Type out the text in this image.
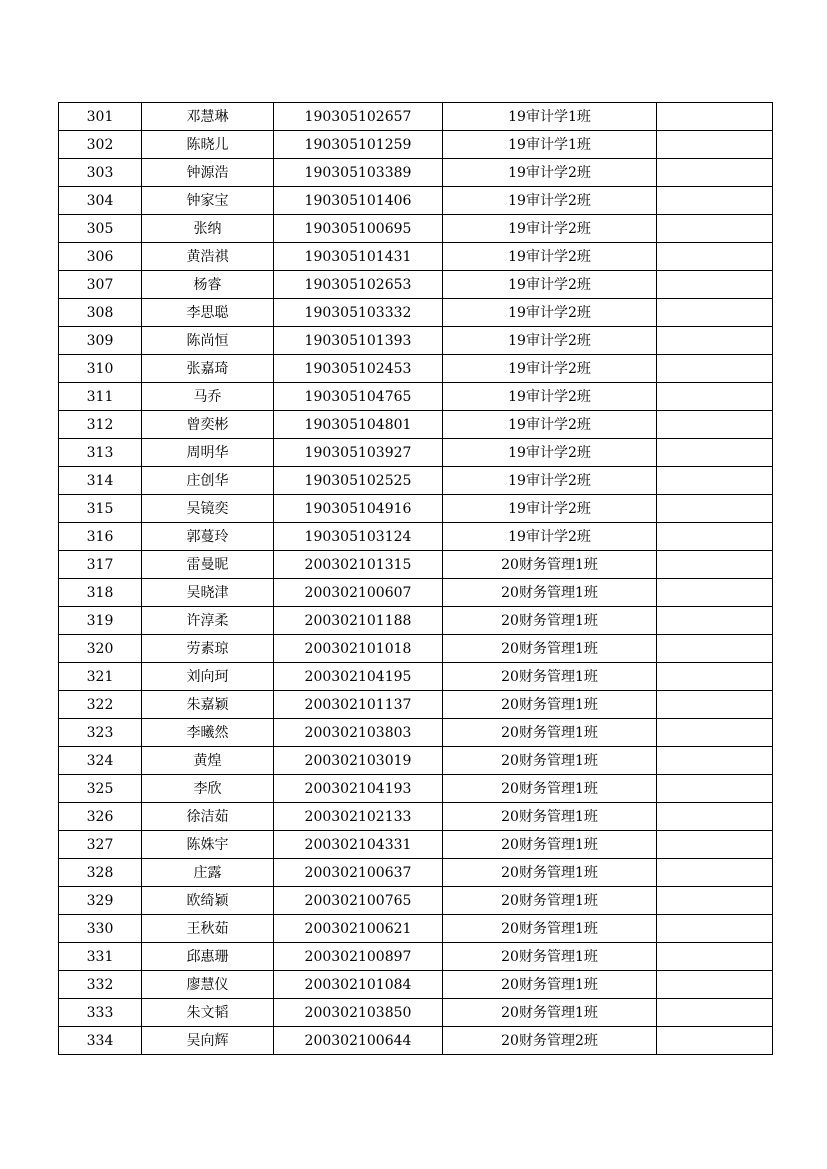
301	邓慧琳	190305102657	19审计学1班	
302	陈晓儿	190305101259	19审计学1班	
303	钟源浩	190305103389	19审计学2班	
304	钟家宝	190305101406	19审计学2班	
305	张纳	190305100695	19审计学2班	
306	黄浩祺	190305101431	19审计学2班	
307	杨睿	190305102653	19审计学2班	
308	李思聪	190305103332	19审计学2班	
309	陈尚恒	190305101393	19审计学2班	
310	张嘉琦	190305102453	19审计学2班	
311	马乔	190305104765	19审计学2班	
312	曾奕彬	190305104801	19审计学2班	
313	周明华	190305103927	19审计学2班	
314	庄创华	190305102525	19审计学2班	
315	吴镜奕	190305104916	19审计学2班	
316	郭蔓玲	190305103124	19审计学2班	
317	雷曼昵	200302101315	20财务管理1班	
318	吴晓津	200302100607	20财务管理1班	
319	许淳柔	200302101188	20财务管理1班	
320	劳素琼	200302101018	20财务管理1班	
321	刘向珂	200302104195	20财务管理1班	
322	朱嘉颖	200302101137	20财务管理1班	
323	李曦然	200302103803	20财务管理1班	
324	黄煌	200302103019	20财务管理1班	
325	李欣	200302104193	20财务管理1班	
326	徐洁茹	200302102133	20财务管理1班	
327	陈姝宇	200302104331	20财务管理1班	
328	庄露	200302100637	20财务管理1班	
329	欧绮颖	200302100765	20财务管理1班	
330	王秋茹	200302100621	20财务管理1班	
331	邱惠珊	200302100897	20财务管理1班	
332	廖慧仪	200302101084	20财务管理1班	
333	朱文韬	200302103850	20财务管理1班	
334	吴向辉	200302100644	20财务管理2班	
